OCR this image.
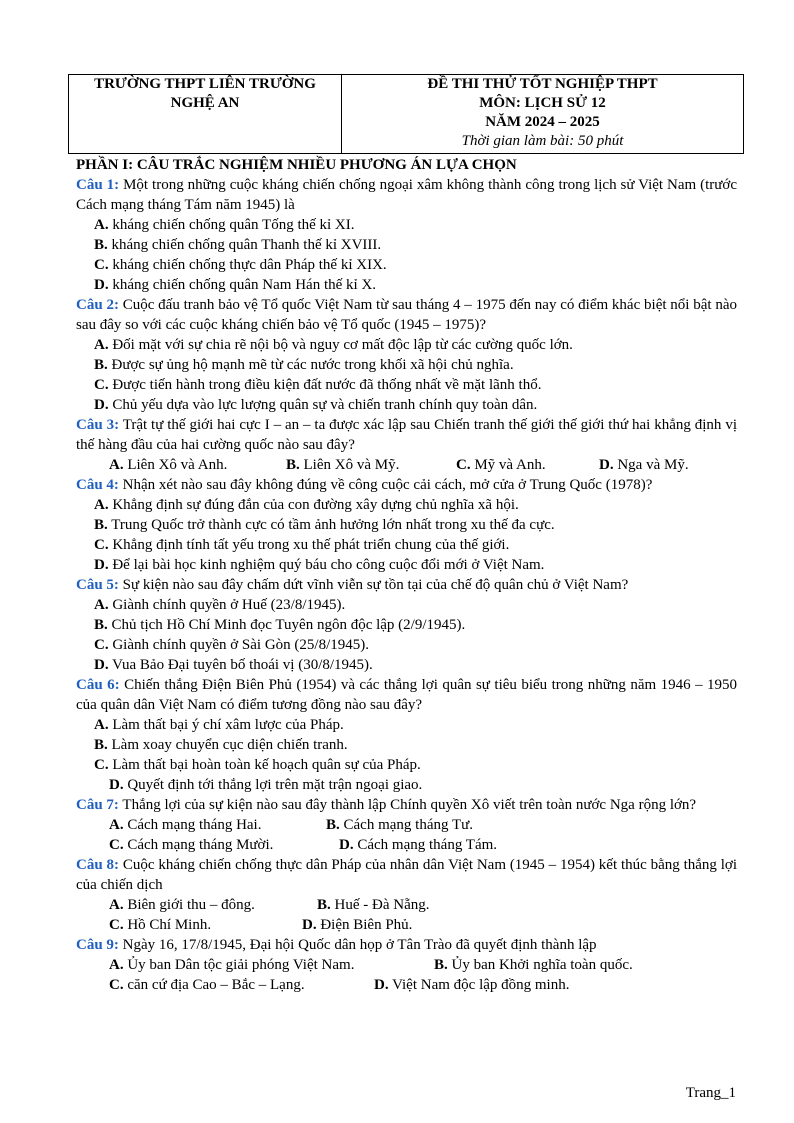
TRƯỜNG THPT LIÊN TRƯỜNG
NGHỆ AN

ĐỀ THI THỬ TỐT NGHIỆP THPT
MÔN: LỊCH SỬ 12
NĂM 2024 – 2025
Thời gian làm bài: 50 phút
PHẦN I: CÂU TRẮC NGHIỆM NHIỀU PHƯƠNG ÁN LỰA CHỌN
Câu 1: Một trong những cuộc kháng chiến chống ngoại xâm không thành công trong lịch sử Việt Nam (trước Cách mạng tháng Tám năm 1945) là
A. kháng chiến chống quân Tống thế kỉ XI.
B. kháng chiến chống quân Thanh thế kỉ XVIII.
C. kháng chiến chống thực dân Pháp thế kỉ XIX.
D. kháng chiến chống quân Nam Hán thế kỉ X.
Câu 2: Cuộc đấu tranh bảo vệ Tổ quốc Việt Nam từ sau tháng 4 – 1975 đến nay có điểm khác biệt nổi bật nào sau đây so với các cuộc kháng chiến bảo vệ Tổ quốc (1945 – 1975)?
A. Đối mặt với sự chia rẽ nội bộ và nguy cơ mất độc lập từ các cường quốc lớn.
B. Được sự ủng hộ mạnh mẽ từ các nước trong khối xã hội chủ nghĩa.
C. Được tiến hành trong điều kiện đất nước đã thống nhất về mặt lãnh thổ.
D. Chủ yếu dựa vào lực lượng quân sự và chiến tranh chính quy toàn dân.
Câu 3: Trật tự thế giới hai cực I – an – ta được xác lập sau Chiến tranh thế giới thế giới thứ hai khẳng định vị thế hàng đầu của hai cường quốc nào sau đây?
A. Liên Xô và Anh.	B. Liên Xô và Mỹ.	C. Mỹ và Anh.	D. Nga và Mỹ.
Câu 4: Nhận xét nào sau đây không đúng về công cuộc cải cách, mở cửa ở Trung Quốc (1978)?
A. Khẳng định sự đúng đắn của con đường xây dựng chủ nghĩa xã hội.
B. Trung Quốc trở thành cực có tầm ảnh hưởng lớn nhất trong xu thế đa cực.
C. Khẳng định tính tất yếu trong xu thế phát triển chung của thế giới.
D. Để lại bài học kinh nghiệm quý báu cho công cuộc đổi mới ở Việt Nam.
Câu 5: Sự kiện nào sau đây chấm dứt vĩnh viễn sự tồn tại của chế độ quân chủ ở Việt Nam?
A. Giành chính quyền ở Huế (23/8/1945).
B. Chủ tịch Hồ Chí Minh đọc Tuyên ngôn độc lập (2/9/1945).
C. Giành chính quyền ở Sài Gòn (25/8/1945).
D. Vua Bảo Đại tuyên bố thoái vị (30/8/1945).
Câu 6: Chiến thắng Điện Biên Phủ (1954) và các thắng lợi quân sự tiêu biểu trong những năm 1946 – 1950 của quân dân Việt Nam có điểm tương đồng nào sau đây?
A. Làm thất bại ý chí xâm lược của Pháp.
B. Làm xoay chuyển cục diện chiến tranh.
C. Làm thất bại hoàn toàn kế hoạch quân sự của Pháp.
D. Quyết định tới thắng lợi trên mặt trận ngoại giao.
Câu 7: Thắng lợi của sự kiện nào sau đây thành lập Chính quyền Xô viết trên toàn nước Nga rộng lớn?
A. Cách mạng tháng Hai.	B. Cách mạng tháng Tư.
C. Cách mạng tháng Mười.	D. Cách mạng tháng Tám.
Câu 8: Cuộc kháng chiến chống thực dân Pháp của nhân dân Việt Nam (1945 – 1954) kết thúc bằng thắng lợi của chiến dịch
A. Biên giới thu – đông.	B. Huế - Đà Nẵng.
C. Hồ Chí Minh.	D. Điện Biên Phủ.
Câu 9: Ngày 16, 17/8/1945, Đại hội Quốc dân họp ở Tân Trào đã quyết định thành lập
A. Ủy ban Dân tộc giải phóng Việt Nam.	B. Ủy ban Khởi nghĩa toàn quốc.
C. căn cứ địa Cao – Bắc – Lạng.	D. Việt Nam độc lập đồng minh.
Trang_1
